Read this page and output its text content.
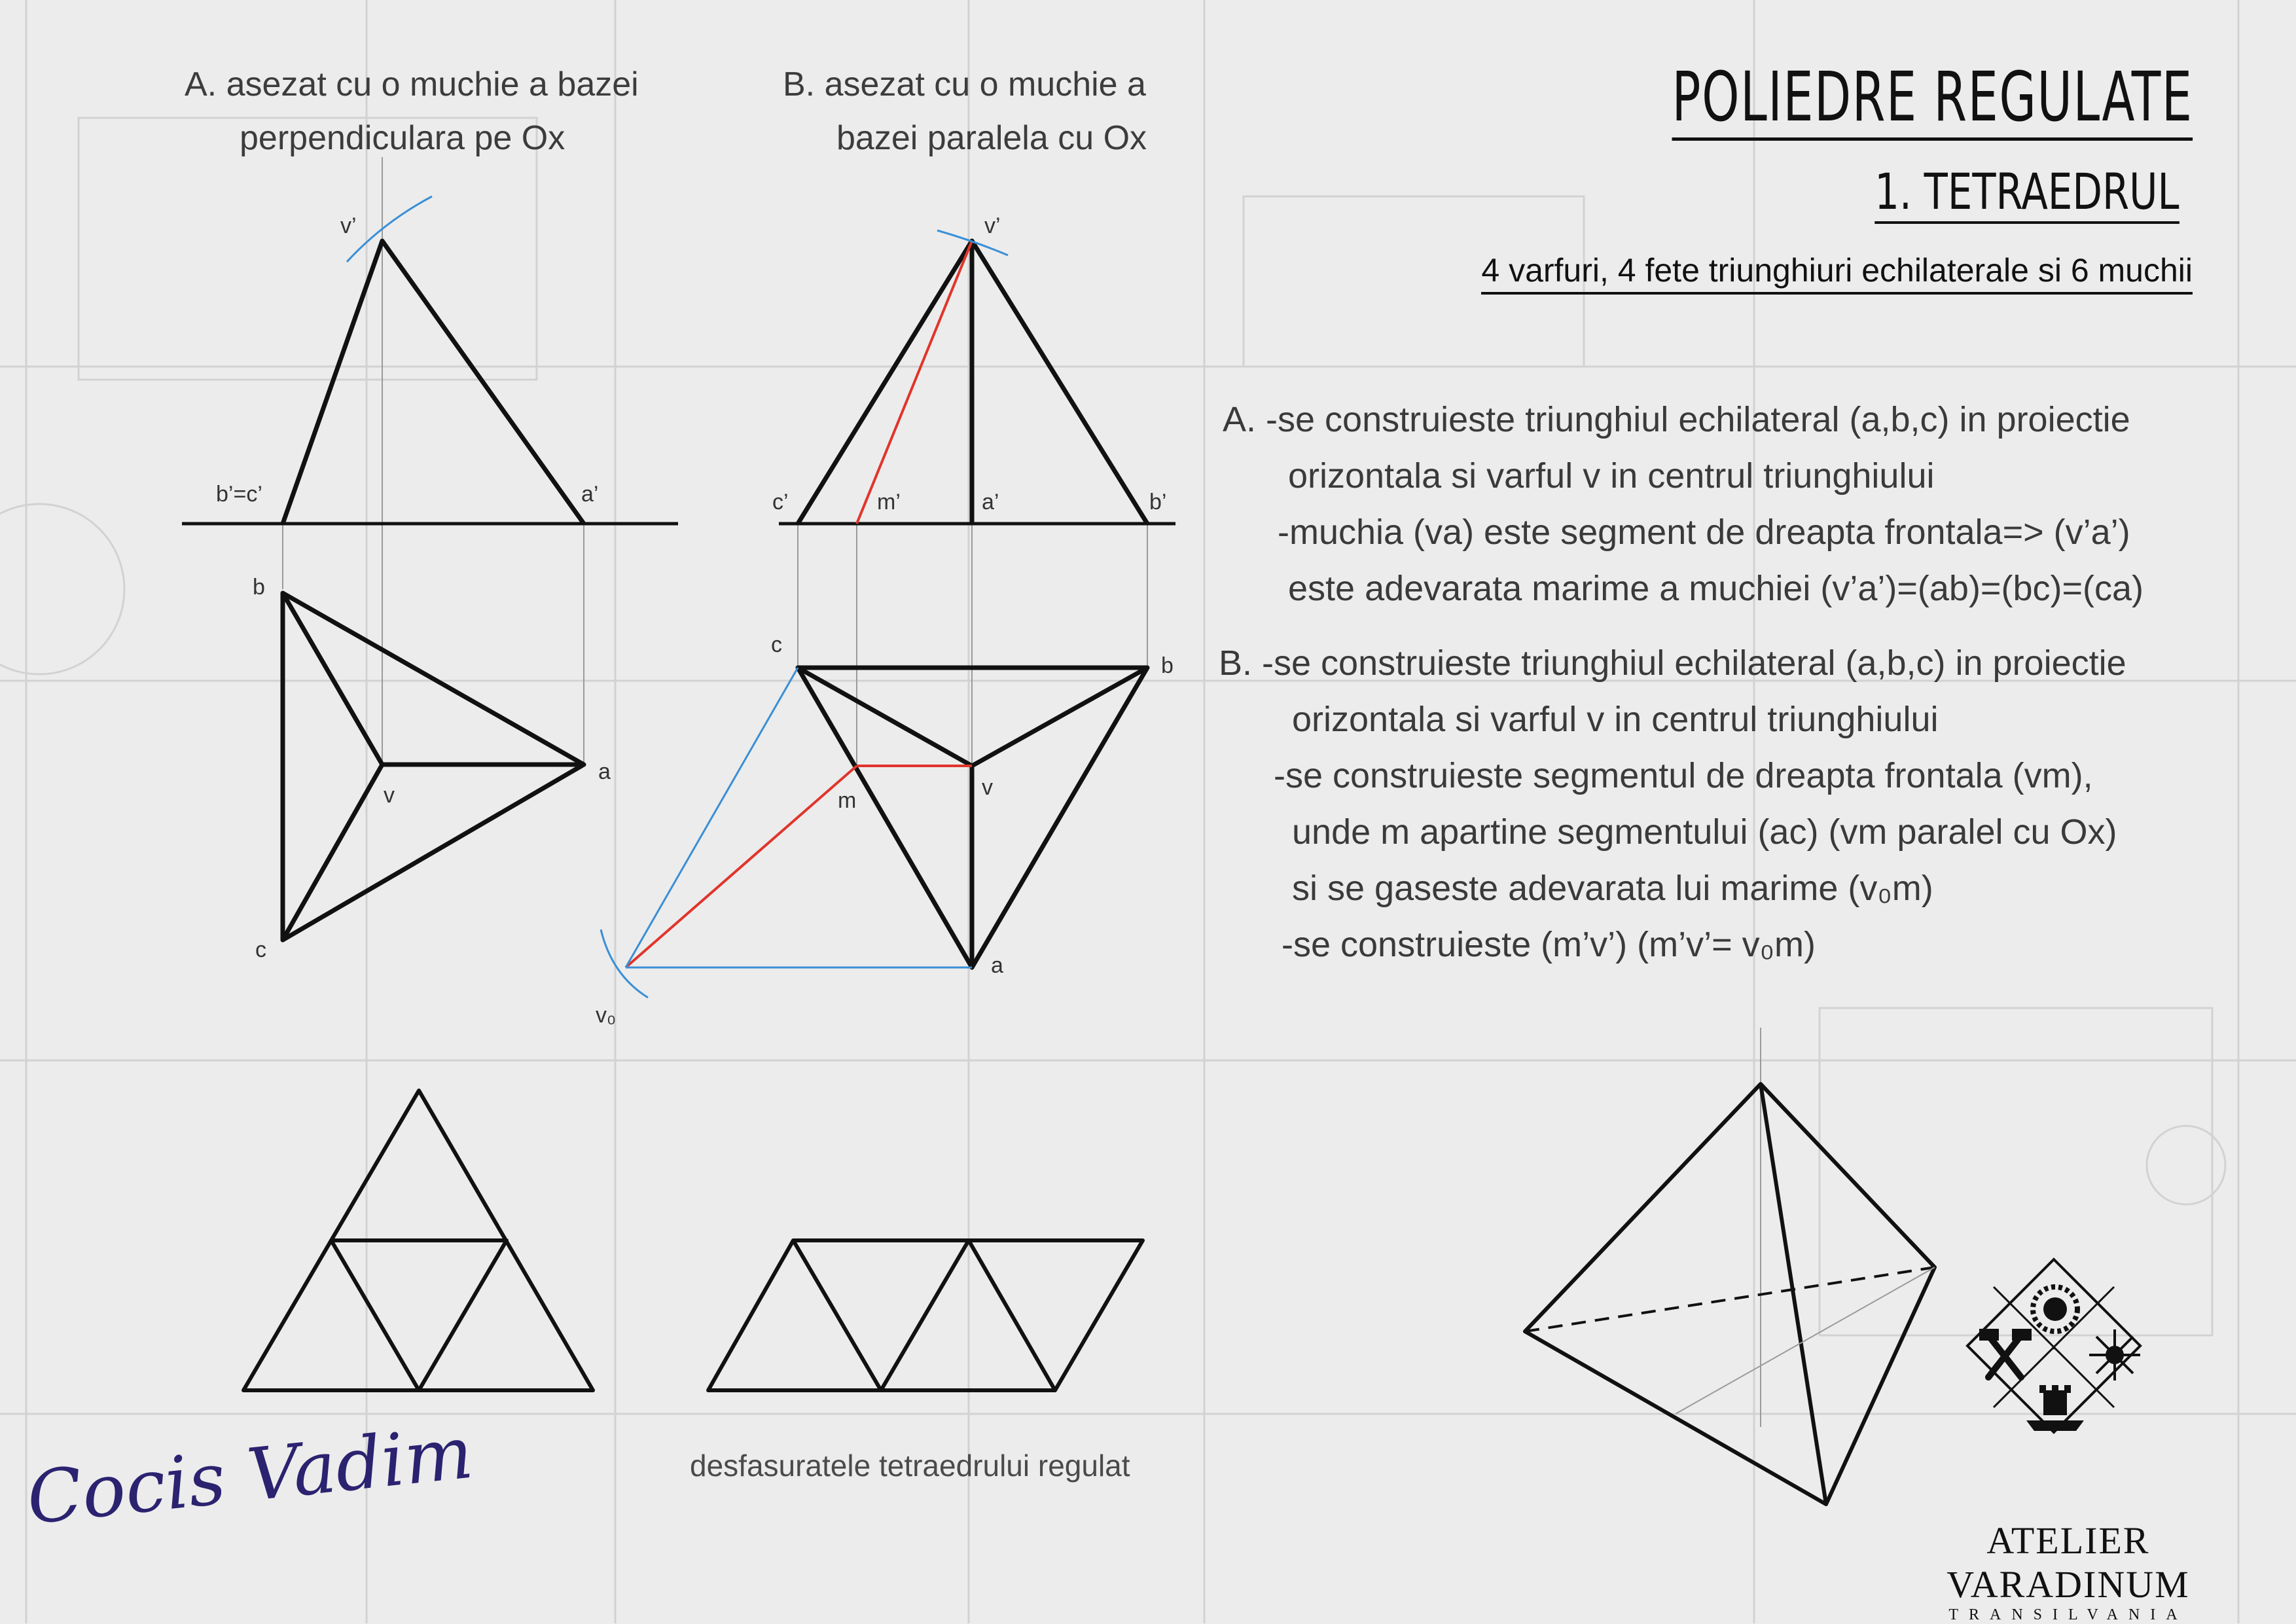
POLIEDRE REGULATE
1. TETRAEDRUL
4 varfuri, 4 fete triunghiuri echilaterale si 6 muchii
A. asezat cu o muchie a bazei
perpendiculara pe Ox
B. asezat cu o muchie a
bazei paralela cu Ox
A. -se construieste triunghiul echilateral (a,b,c) in proiectie
orizontala si varful v in centrul triunghiului
-muchia (va) este segment de dreapta frontala=> (v’a’)
este adevarata marime a muchiei (v’a’)=(ab)=(bc)=(ca)
B. -se construieste triunghiul echilateral (a,b,c) in proiectie
orizontala si varful v in centrul triunghiului
-se construieste segmentul de dreapta frontala (vm),
unde m apartine segmentului (ac) (vm paralel cu Ox)
si se gaseste adevarata lui marime (v₀m)
-se construieste (m’v’) (m’v’= v₀m)
v’
b’=c’	a’
b
v
a
c
v’
c’	m’	a’	b’
c
b
m
v
a
v₀
desfasuratele tetraedrului regulat
Cocis Vadim
ATELIER VARADINUM
TRANSILVANIA
